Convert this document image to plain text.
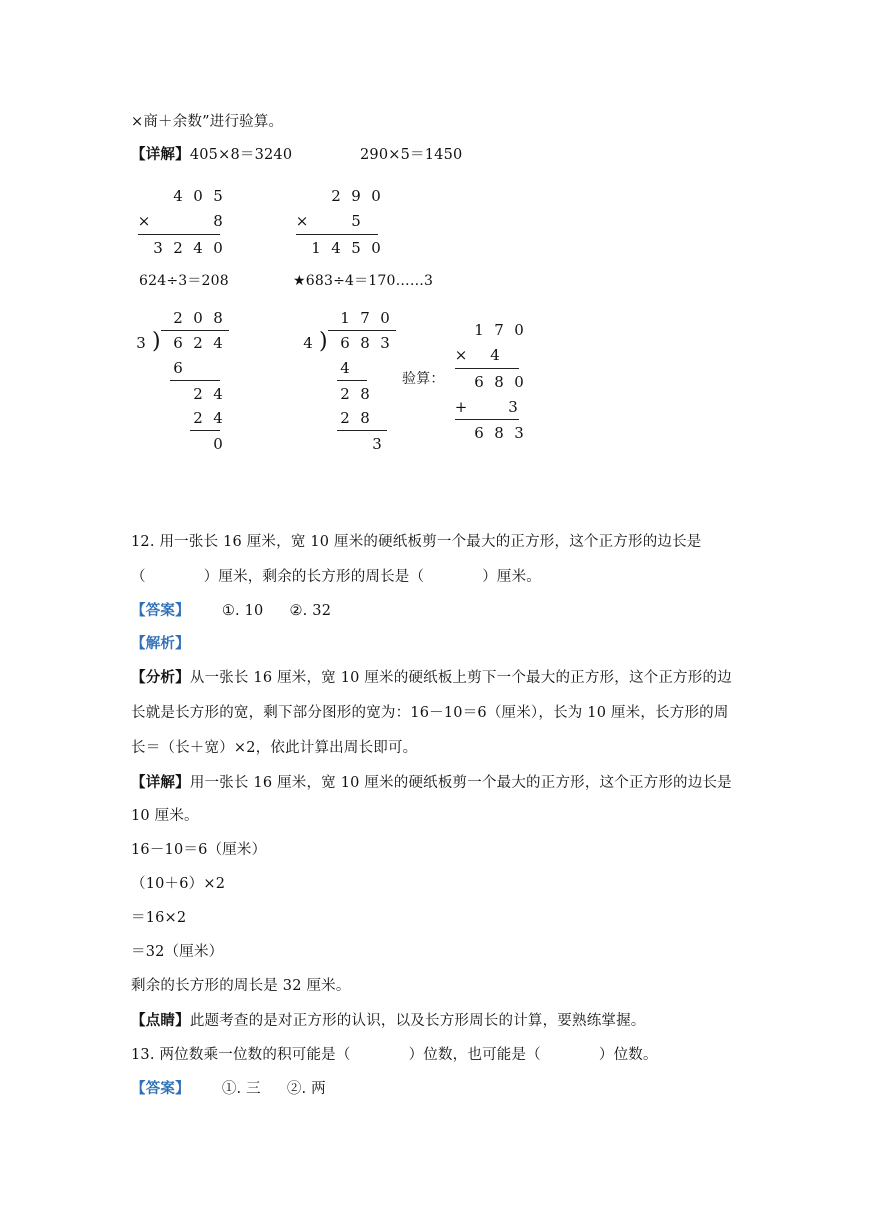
×商＋余数”进行验算。
【详解】405×8＝3240	290×5＝1450
4 0 5
×	8
3 2 4 0
2 9 0
×	5
1 4 5 0
624÷3＝208	★683÷4＝170……3
2 0 8
3 ) 6 2 4
6
2 4
2 4
0
1 7 0
4 ) 6 8 3
4
2 8
2 8
3
验算：
1 7 0
× 4
6 8 0
+	3
6 8 3
12. 用一张长 16 厘米，宽 10 厘米的硬纸板剪一个最大的正方形，这个正方形的边长是
（	）厘米，剩余的长方形的周长是（	）厘米。
【答案】 ①. 10 ②. 32
【解析】
【分析】从一张长 16 厘米，宽 10 厘米的硬纸板上剪下一个最大的正方形，这个正方形的边
长就是长方形的宽，剩下部分图形的宽为：16－10＝6（厘米），长为 10 厘米，长方形的周
长＝（长＋宽）×2，依此计算出周长即可。
【详解】用一张长 16 厘米，宽 10 厘米的硬纸板剪一个最大的正方形，这个正方形的边长是
10 厘米。
16－10＝6（厘米）
（10＋6）×2
＝16×2
＝32（厘米）
剩余的长方形的周长是 32 厘米。
【点睛】此题考查的是对正方形的认识，以及长方形周长的计算，要熟练掌握。
13. 两位数乘一位数的积可能是（	）位数，也可能是（	）位数。
【答案】 ①. 三 ②. 两
